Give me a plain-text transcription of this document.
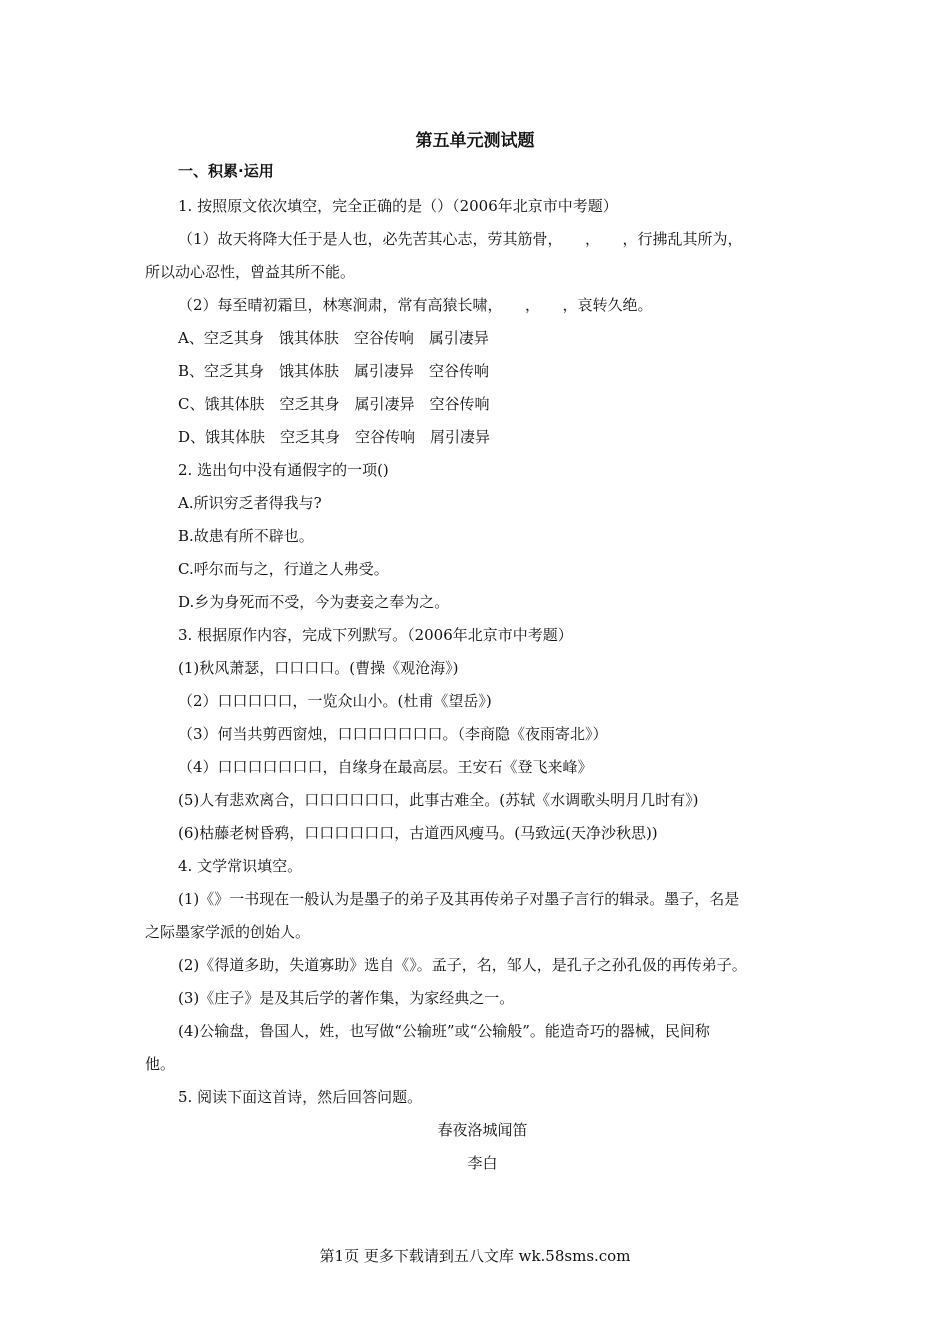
第五单元测试题
一、积累·运用
1. 按照原文依次填空，完全正确的是（）（2006年北京市中考题）
（1）故天将降大任于是人也，必先苦其心志，劳其筋骨，　　，　　，行拂乱其所为，
所以动心忍性，曾益其所不能。
（2）每至晴初霜旦，林寒涧肃，常有高猿长啸，　　，　　，哀转久绝。
A、空乏其身　饿其体肤　空谷传响　属引凄异
B、空乏其身　饿其体肤　属引凄异　空谷传响
C、饿其体肤　空乏其身　属引凄异　空谷传响
D、饿其体肤　空乏其身　空谷传响　屑引凄异
2. 选出句中没有通假字的一项()
A.所识穷乏者得我与?
B.故患有所不辟也。
C.呼尔而与之，行道之人弗受。
D.乡为身死而不受，今为妻妾之奉为之。
3. 根据原作内容，完成下列默写。（2006年北京市中考题）
(1)秋风萧瑟，口口口口。(曹操《观沧海》)
（2）口口口口口，一览众山小。(杜甫《望岳》)
（3）何当共剪西窗烛，口口口口口口口。（李商隐《夜雨寄北》）
（4）口口口口口口口，自缘身在最高层。王安石《登飞来峰》
(5)人有悲欢离合，口口口口口口，此事古难全。(苏轼《水调歌头明月几时有》)
(6)枯藤老树昏鸦，口口口口口口，古道西风瘦马。(马致远(天净沙秋思))
4. 文学常识填空。
(1)《》一书现在一般认为是墨子的弟子及其再传弟子对墨子言行的辑录。墨子，名是
之际墨家学派的创始人。
(2)《得道多助，失道寡助》选自《》。孟子，名，邹人，是孔子之孙孔伋的再传弟子。
(3)《庄子》是及其后学的著作集，为家经典之一。
(4)公输盘，鲁国人，姓，也写做“公输班”或“公输般”。能造奇巧的器械，民间称
他。
5. 阅读下面这首诗，然后回答问题。
春夜洛城闻笛
李白
第1页 更多下载请到五八文库 wk.58sms.com
